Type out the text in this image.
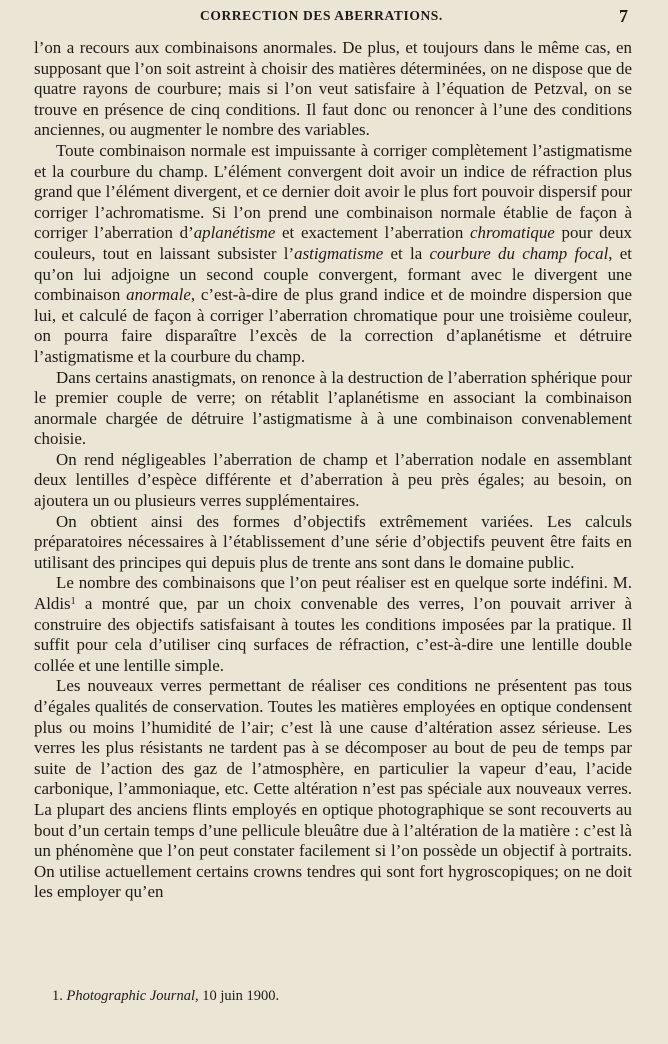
CORRECTION DES ABERRATIONS.	7

l’on a recours aux combinaisons anormales. De plus, et toujours dans le même cas, en supposant que l’on soit astreint à choisir des matières déterminées, on ne dispose que de quatre rayons de courbure; mais si l’on veut satisfaire à l’équation de Petzval, on se trouve en présence de cinq conditions. Il faut donc ou renoncer à l’une des conditions anciennes, ou augmenter le nombre des variables.

Toute combinaison normale est impuissante à corriger complètement l’astigmatisme et la courbure du champ. L’élément convergent doit avoir un indice de réfraction plus grand que l’élément divergent, et ce dernier doit avoir le plus fort pouvoir dispersif pour corriger l’achromatisme. Si l’on prend une combinaison normale établie de façon à corriger l’aberration d’aplanétisme et exactement l’aberration chromatique pour deux couleurs, tout en laissant subsister l’astigmatisme et la courbure du champ focal, et qu’on lui adjoigne un second couple convergent, formant avec le divergent une combinaison anormale, c’est-à-dire de plus grand indice et de moindre dispersion que lui, et calculé de façon à corriger l’aberration chromatique pour une troisième couleur, on pourra faire disparaître l’excès de la correction d’aplanétisme et détruire l’astigmatisme et la courbure du champ.

Dans certains anastigmats, on renonce à la destruction de l’aberration sphérique pour le premier couple de verre; on rétablit l’aplanétisme en associant la combinaison anormale chargée de détruire l’astigmatisme à à une combinaison convenablement choisie.

On rend négligeables l’aberration de champ et l’aberration nodale en assemblant deux lentilles d’espèce différente et d’aberration à peu près égales; au besoin, on ajoutera un ou plusieurs verres supplémentaires.

On obtient ainsi des formes d’objectifs extrêmement variées. Les calculs préparatoires nécessaires à l’établissement d’une série d’objectifs peuvent être faits en utilisant des principes qui depuis plus de trente ans sont dans le domaine public.

Le nombre des combinaisons que l’on peut réaliser est en quelque sorte indéfini. M. Aldis$^1$ a montré que, par un choix convenable des verres, l’on pouvait arriver à construire des objectifs satisfaisant à toutes les conditions imposées par la pratique. Il suffit pour cela d’utiliser cinq surfaces de réfraction, c’est-à-dire une lentille double collée et une lentille simple.

Les nouveaux verres permettant de réaliser ces conditions ne présentent pas tous d’égales qualités de conservation. Toutes les matières employées en optique condensent plus ou moins l’humidité de l’air; c’est là une cause d’altération assez sérieuse. Les verres les plus résistants ne tardent pas à se décomposer au bout de peu de temps par suite de l’action des gaz de l’atmosphère, en particulier la vapeur d’eau, l’acide carbonique, l’ammoniaque, etc. Cette altération n’est pas spéciale aux nouveaux verres. La plupart des anciens flints employés en optique photographique se sont recouverts au bout d’un certain temps d’une pellicule bleuâtre due à l’altération de la matière : c’est là un phénomène que l’on peut constater facilement si l’on possède un objectif à portraits. On utilise actuellement certains crowns tendres qui sont fort hygroscopiques; on ne doit les employer qu’en

1. Photographic Journal, 10 juin 1900.
